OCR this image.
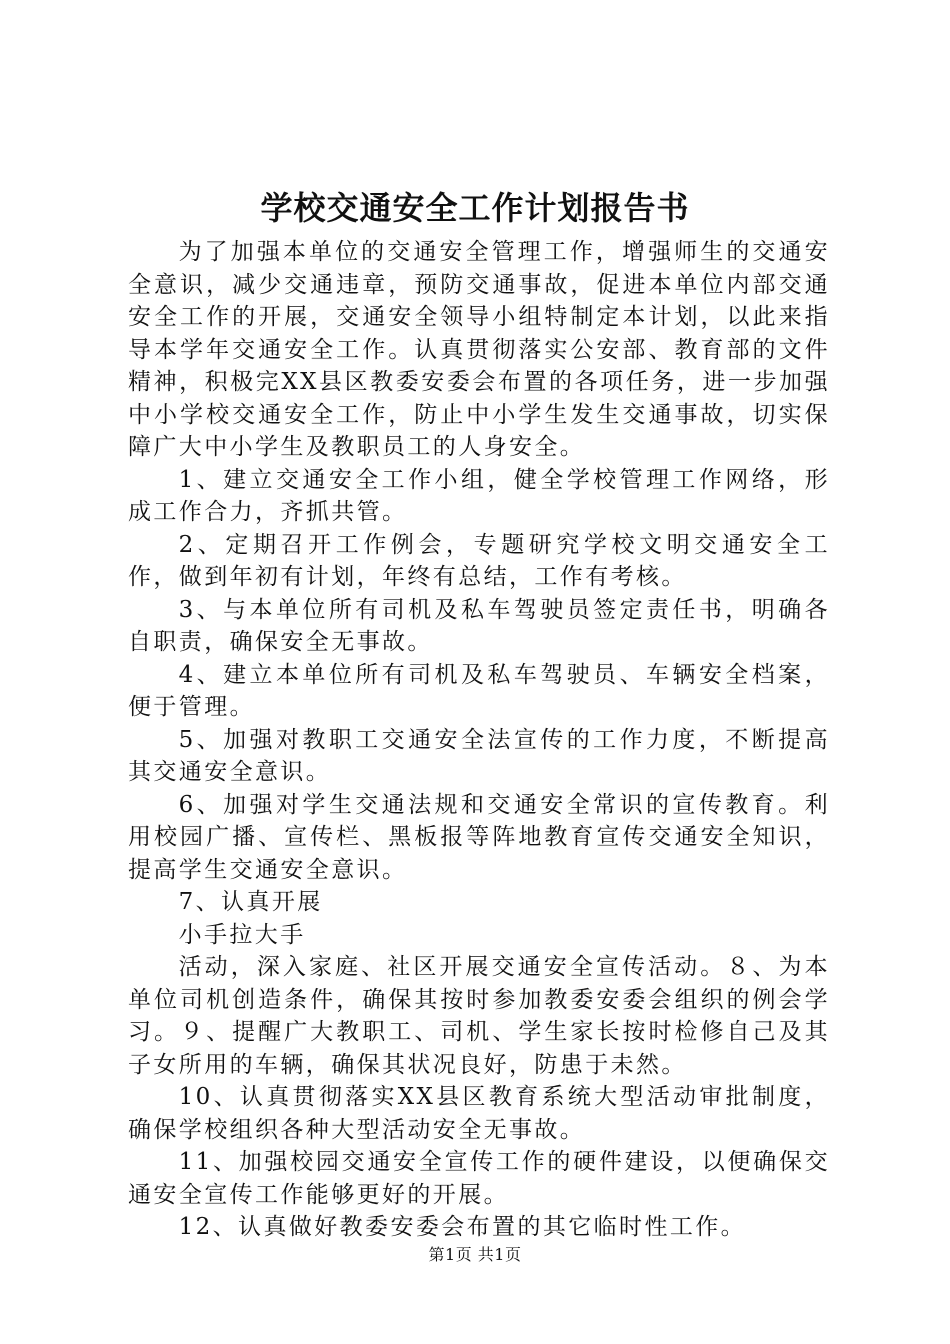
学校交通安全工作计划报告书

为了加强本单位的交通安全管理工作，增强师生的交通安全意识，减少交通违章，预防交通事故，促进本单位内部交通安全工作的开展，交通安全领导小组特制定本计划，以此来指导本学年交通安全工作。认真贯彻落实公安部、教育部的文件精神，积极完XX县区教委安委会布置的各项任务，进一步加强中小学校交通安全工作，防止中小学生发生交通事故，切实保障广大中小学生及教职员工的人身安全。

1、建立交通安全工作小组，健全学校管理工作网络，形成工作合力，齐抓共管。

2、定期召开工作例会，专题研究学校文明交通安全工作，做到年初有计划，年终有总结，工作有考核。

3、与本单位所有司机及私车驾驶员签定责任书，明确各自职责，确保安全无事故。

4、建立本单位所有司机及私车驾驶员、车辆安全档案，便于管理。

5、加强对教职工交通安全法宣传的工作力度，不断提高其交通安全意识。

6、加强对学生交通法规和交通安全常识的宣传教育。利用校园广播、宣传栏、黑板报等阵地教育宣传交通安全知识，提高学生交通安全意识。

7、认真开展

小手拉大手

活动，深入家庭、社区开展交通安全宣传活动。８、为本单位司机创造条件，确保其按时参加教委安委会组织的例会学习。９、提醒广大教职工、司机、学生家长按时检修自己及其子女所用的车辆，确保其状况良好，防患于未然。

10、认真贯彻落实XX县区教育系统大型活动审批制度，确保学校组织各种大型活动安全无事故。

11、加强校园交通安全宣传工作的硬件建设，以便确保交通安全宣传工作能够更好的开展。

12、认真做好教委安委会布置的其它临时性工作。

第1页 共1页
